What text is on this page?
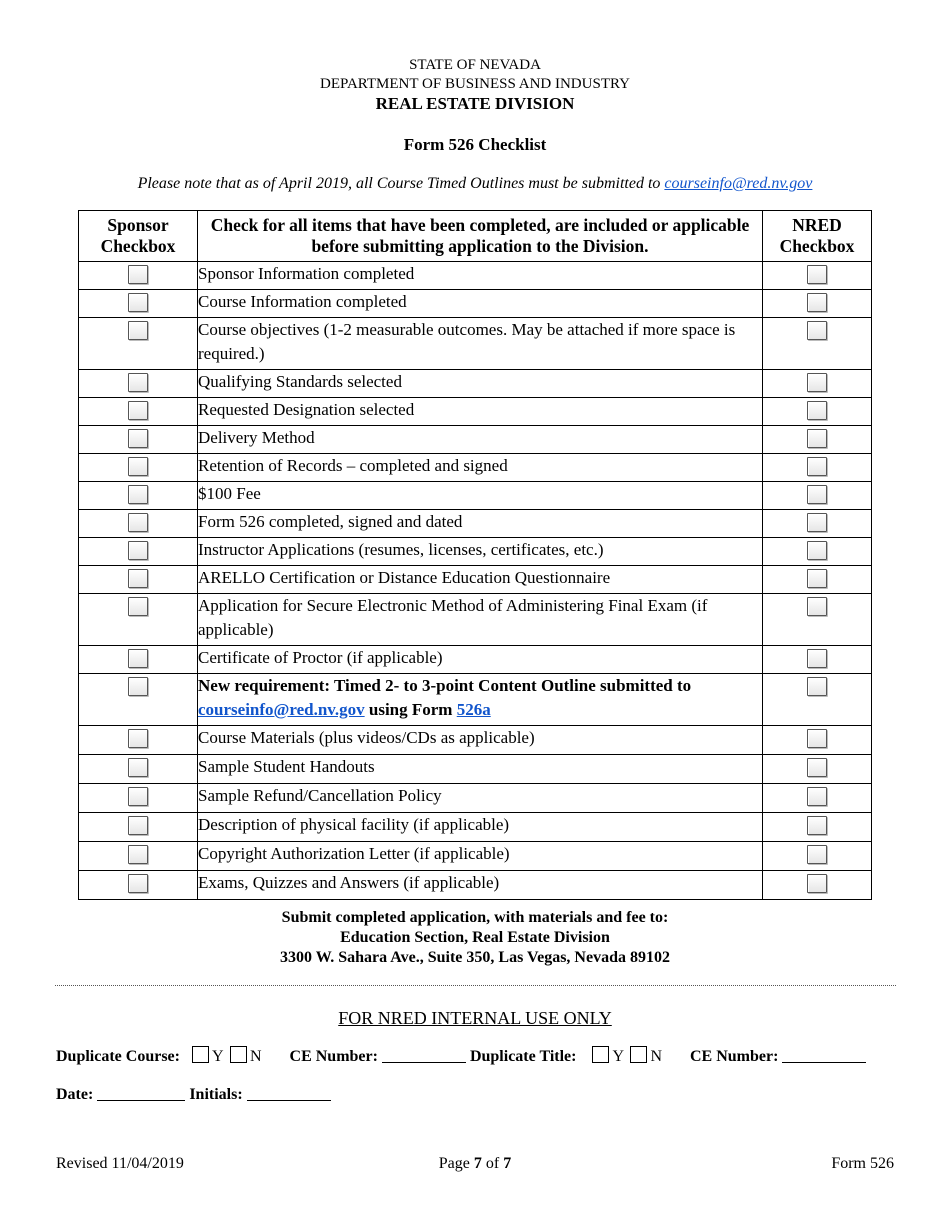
STATE OF NEVADA
DEPARTMENT OF BUSINESS AND INDUSTRY
REAL ESTATE DIVISION
Form 526 Checklist
Please note that as of April 2019, all Course Timed Outlines must be submitted to courseinfo@red.nv.gov
Sponsor Checkbox	Check for all items that have been completed, are included or applicable before submitting application to the Division.	NRED Checkbox
	Sponsor Information completed	
	Course Information completed	
	Course objectives (1-2 measurable outcomes. May be attached if more space is required.)	
	Qualifying Standards selected	
	Requested Designation selected	
	Delivery Method	
	Retention of Records – completed and signed	
	$100 Fee	
	Form 526 completed, signed and dated	
	Instructor Applications (resumes, licenses, certificates, etc.)	
	ARELLO Certification or Distance Education Questionnaire	
	Application for Secure Electronic Method of Administering Final Exam (if applicable)	
	Certificate of Proctor (if applicable)	
	New requirement: Timed 2- to 3-point Content Outline submitted to
courseinfo@red.nv.gov using Form 526a	
	Course Materials (plus videos/CDs as applicable)	
	Sample Student Handouts	
	Sample Refund/Cancellation Policy	
	Description of physical facility (if applicable)	
	Copyright Authorization Letter (if applicable)	
	Exams, Quizzes and Answers (if applicable)	
Submit completed application, with materials and fee to:
Education Section, Real Estate Division
3300 W. Sahara Ave., Suite 350, Las Vegas, Nevada 89102
FOR NRED INTERNAL USE ONLY
Duplicate Course: Y N CE Number:	Duplicate Title: Y N CE Number:
Date:	Initials:
Revised 11/04/2019	Page 7 of 7	Form 526
